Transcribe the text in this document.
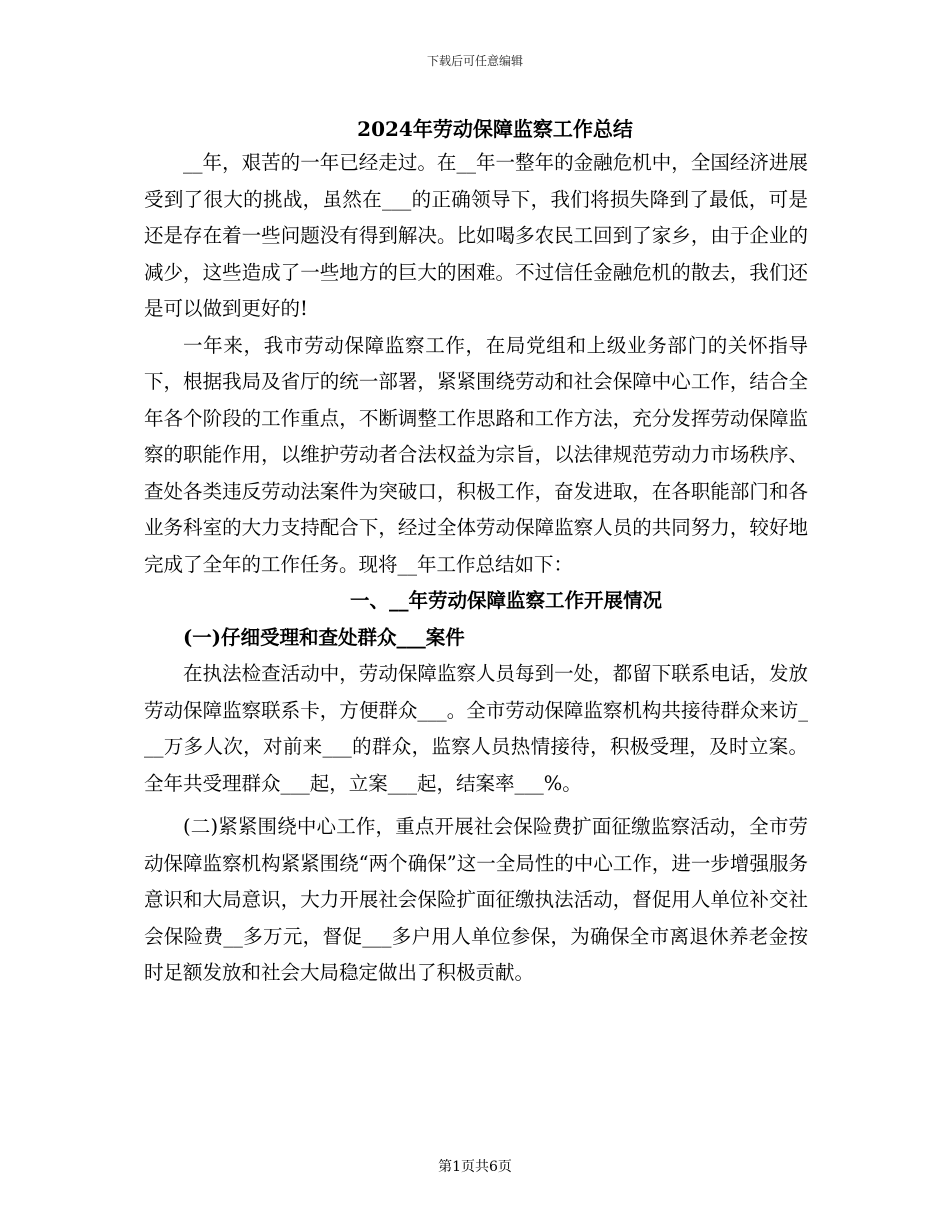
下载后可任意编辑
2024年劳动保障监察工作总结

__年，艰苦的一年已经走过。在__年一整年的金融危机中，全国经济进展受到了很大的挑战，虽然在___的正确领导下，我们将损失降到了最低，可是还是存在着一些问题没有得到解决。比如喝多农民工回到了家乡，由于企业的减少，这些造成了一些地方的巨大的困难。不过信任金融危机的散去，我们还是可以做到更好的!

一年来，我市劳动保障监察工作，在局党组和上级业务部门的关怀指导下，根据我局及省厅的统一部署，紧紧围绕劳动和社会保障中心工作，结合全年各个阶段的工作重点，不断调整工作思路和工作方法，充分发挥劳动保障监察的职能作用，以维护劳动者合法权益为宗旨，以法律规范劳动力市场秩序、查处各类违反劳动法案件为突破口，积极工作，奋发进取，在各职能部门和各业务科室的大力支持配合下，经过全体劳动保障监察人员的共同努力，较好地完成了全年的工作任务。现将__年工作总结如下：

一、__年劳动保障监察工作开展情况

(一)仔细受理和查处群众___案件

在执法检查活动中，劳动保障监察人员每到一处，都留下联系电话，发放劳动保障监察联系卡，方便群众___。全市劳动保障监察机构共接待群众来访___万多人次，对前来___的群众，监察人员热情接待，积极受理，及时立案。全年共受理群众___起，立案___起，结案率___%。

(二)紧紧围绕中心工作，重点开展社会保险费扩面征缴监察活动，全市劳动保障监察机构紧紧围绕“两个确保”这一全局性的中心工作，进一步增强服务意识和大局意识，大力开展社会保险扩面征缴执法活动，督促用人单位补交社会保险费__多万元，督促___多户用人单位参保，为确保全市离退休养老金按时足额发放和社会大局稳定做出了积极贡献。

第1页共6页
